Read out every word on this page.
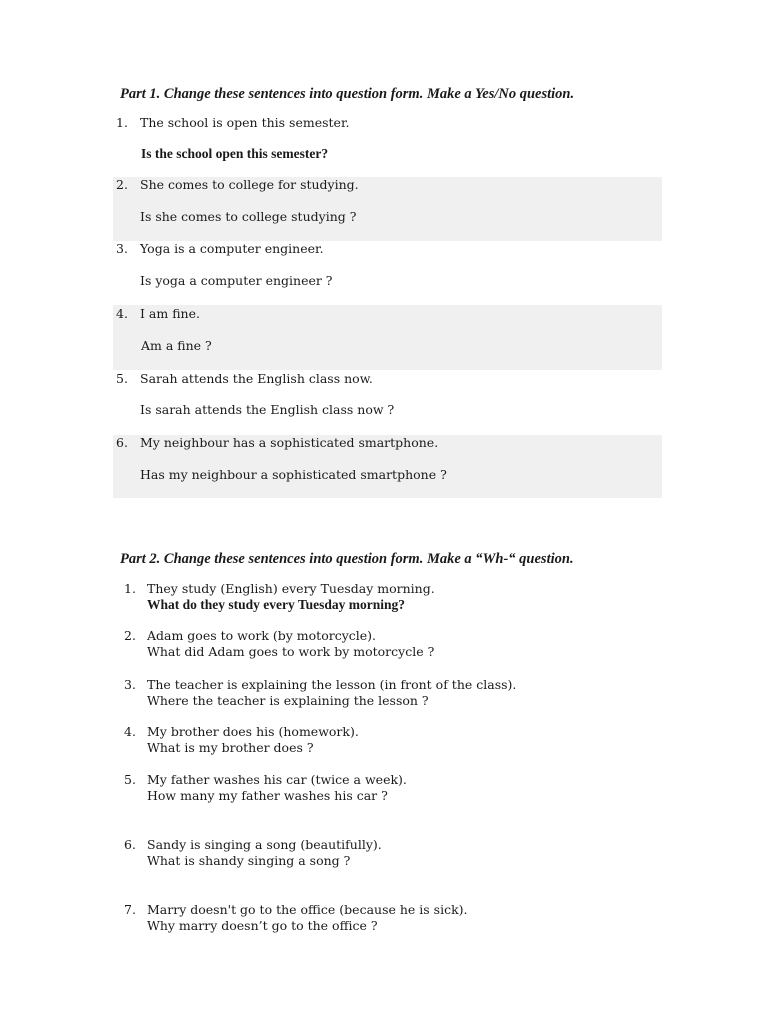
Part 1. Change these sentences into question form. Make a Yes/No question.
1. The school is open this semester.
Is the school open this semester?
2. She comes to college for studying.
Is she comes to college studying ?
3. Yoga is a computer engineer.
Is yoga a computer engineer ?
4. I am fine.
Am a fine ?
5. Sarah attends the English class now.
Is sarah attends the English class now ?
6. My neighbour has a sophisticated smartphone.
Has my neighbour a sophisticated smartphone ?
Part 2. Change these sentences into question form. Make a “Wh-“ question.
1. They study (English) every Tuesday morning.
What do they study every Tuesday morning?
2. Adam goes to work (by motorcycle).
What did Adam goes to work by motorcycle ?
3. The teacher is explaining the lesson (in front of the class).
Where the teacher is explaining the lesson ?
4. My brother does his (homework).
What is my brother does ?
5. My father washes his car (twice a week).
How many my father washes his car ?
6. Sandy is singing a song (beautifully).
What is shandy singing a song ?
7. Marry doesn't go to the office (because he is sick).
Why marry doesn’t go to the office ?
